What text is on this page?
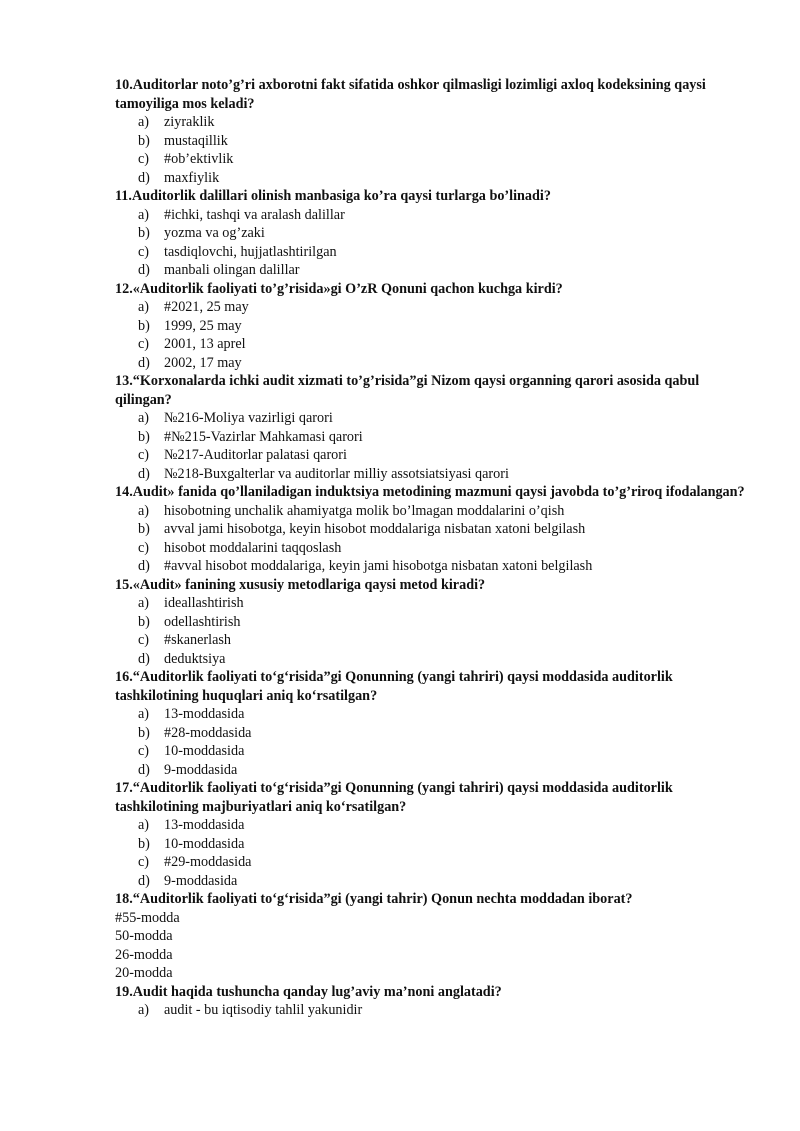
10.Auditorlar noto’g’ri axborotni fakt sifatida oshkor qilmasligi lozimligi axloq kodeksining qaysi tamoyiliga mos keladi?

a)	ziyraklik
b) mustaqillik
c)	#ob’ektivlik
d) maxfiylik

11.Auditorlik dalillari olinish manbasiga ko’ra qaysi turlarga bo’linadi?

a)	#ichki, tashqi va aralash dalillar
b) yozma va og’zaki
c)	tasdiqlovchi, hujjatlashtirilgan
d) manbali olingan dalillar

12.«Auditorlik faoliyati to’g’risida»gi O’zR Qonuni qachon kuchga kirdi?

a)	#2021, 25 may
b) 1999, 25 may
c)	2001, 13 aprel
d) 2002, 17 may

13.“Korxonalarda ichki audit xizmati to’g’risida”gi Nizom qaysi organning qarori asosida qabul qilingan?

a)	№216-Moliya vazirligi qarori
b) #№215-Vazirlar Mahkamasi qarori
c)	№217-Auditorlar palatasi qarori
d) №218-Buxgalterlar va auditorlar milliy assotsiatsiyasi qarori

14.Audit» fanida qo’llaniladigan induktsiya metodining mazmuni qaysi javobda to’g’riroq ifodalangan?

a)	hisobotning unchalik ahamiyatga molik bo’lmagan moddalarini o’qish
b) avval jami hisobotga, keyin hisobot moddalariga nisbatan xatoni belgilash
c)	hisobot moddalarini taqqoslash
d) #avval hisobot moddalariga, keyin jami hisobotga nisbatan xatoni belgilash

15.«Audit» fanining xususiy metodlariga qaysi metod kiradi?

a)	ideallashtirish
b) odellashtirish
c)	#skanerlash
d) deduktsiya

16.“Auditorlik faoliyati to‘g‘risida”gi Qonunning (yangi tahriri) qaysi moddasida auditorlik tashkilotining huquqlari aniq ko‘rsatilgan?

a)	13-moddasida
b) #28-moddasida
c)	10-moddasida
d) 9-moddasida

17.“Auditorlik faoliyati to‘g‘risida”gi Qonunning (yangi tahriri) qaysi moddasida auditorlik tashkilotining majburiyatlari aniq ko‘rsatilgan?

a)	13-moddasida
b) 10-moddasida
c)	#29-moddasida
d) 9-moddasida

18.“Auditorlik faoliyati to‘g‘risida”gi (yangi tahrir) Qonun nechta moddadan iborat?

#55-modda
50-modda
26-modda
20-modda

19.Audit haqida tushuncha qanday lug’aviy ma’noni anglatadi?

a)	audit - bu iqtisodiy tahlil yakunidir
